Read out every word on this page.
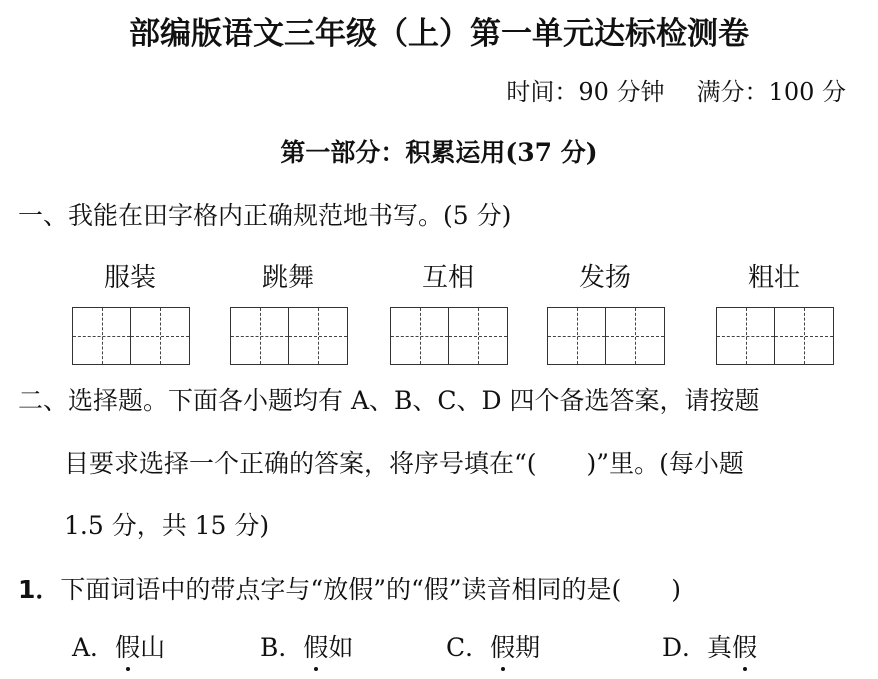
部编版语文三年级（上）第一单元达标检测卷
时间：90 分钟 满分：100 分
第一部分：积累运用(37 分)
一、我能在田字格内正确规范地书写。(5 分)
服装	跳舞	互相	发扬	粗壮
二、选择题。下面各小题均有 A、B、C、D 四个备选答案，请按题
目要求选择一个正确的答案，将序号填在“(　　)”里。(每小题
1.5 分，共 15 分)
1．下面词语中的带点字与“放假”的“假”读音相同的是(　　)
A．假山	B．假如	C．假期	D．真假
